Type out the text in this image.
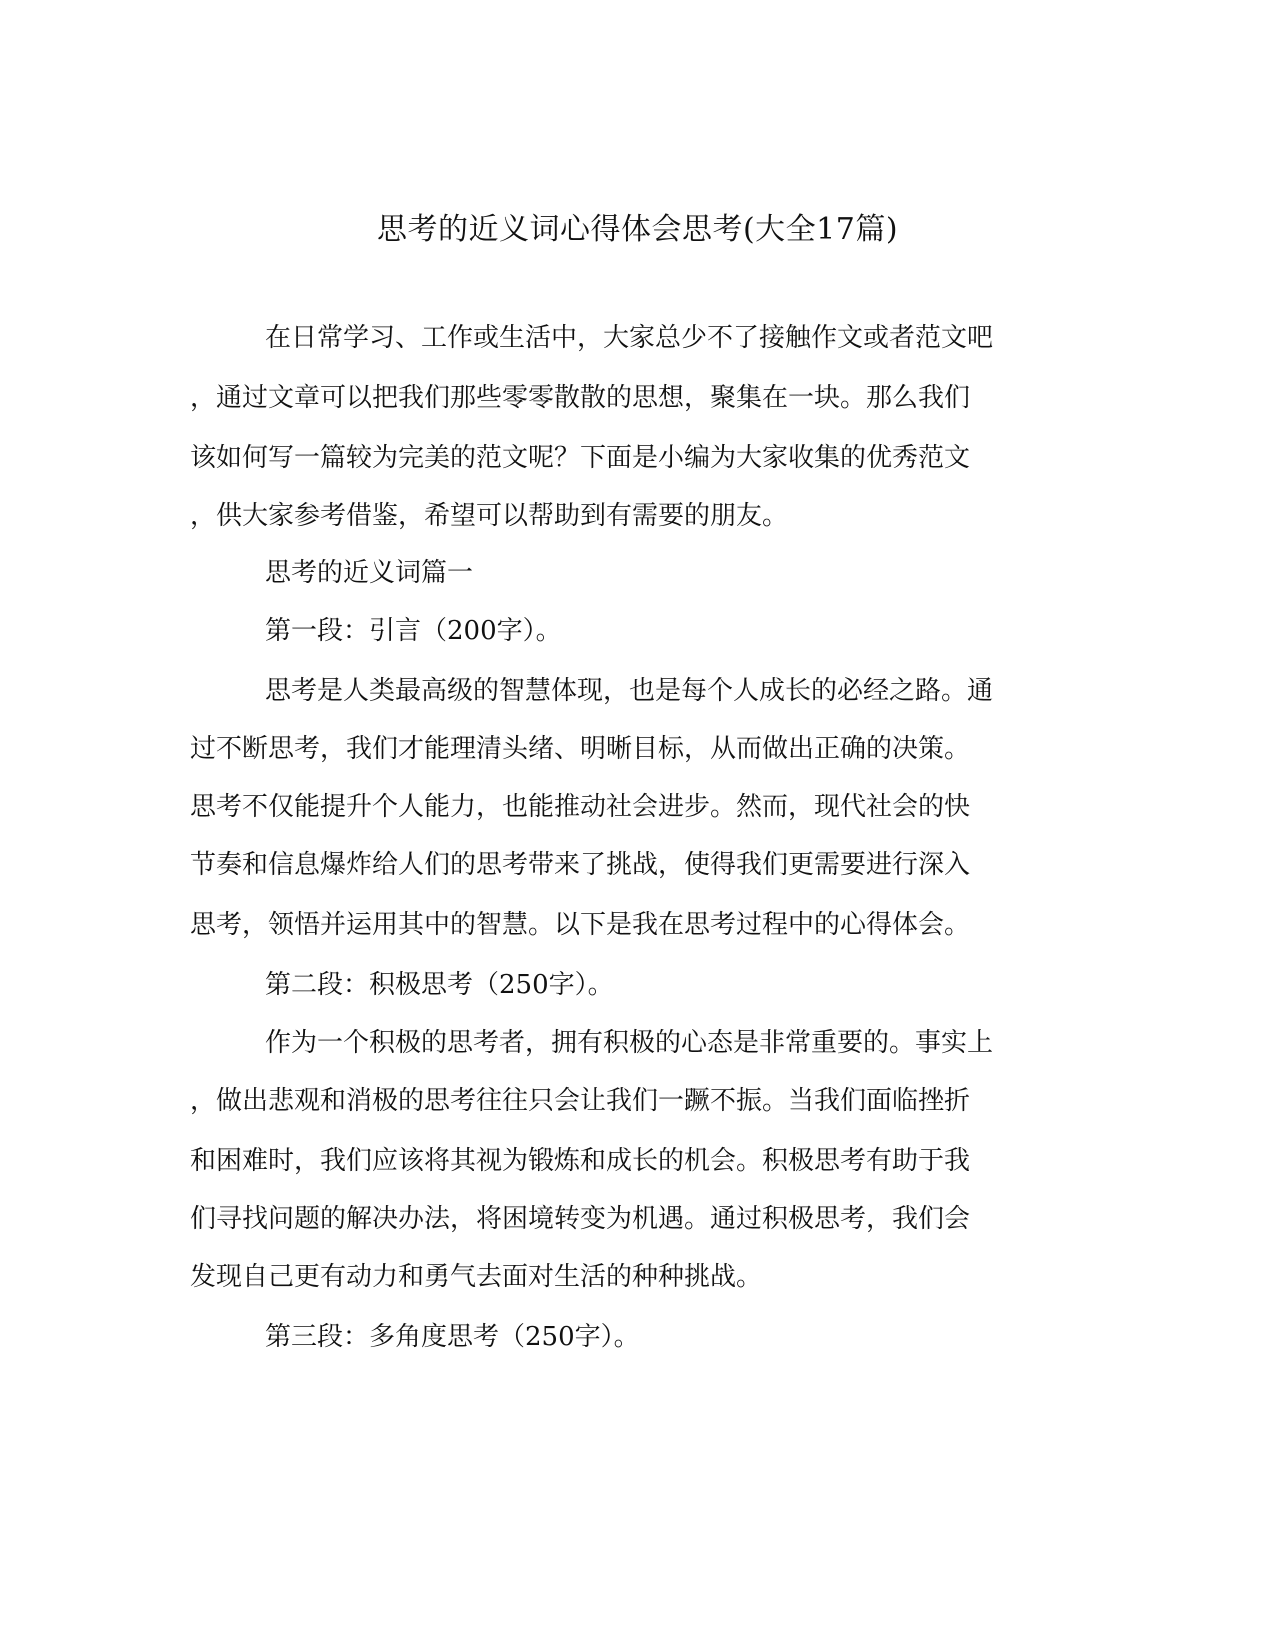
思考的近义词心得体会思考(大全17篇)

在日常学习、工作或生活中，大家总少不了接触作文或者范文吧

，通过文章可以把我们那些零零散散的思想，聚集在一块。那么我们

该如何写一篇较为完美的范文呢？下面是小编为大家收集的优秀范文

，供大家参考借鉴，希望可以帮助到有需要的朋友。

思考的近义词篇一

第一段：引言（200字）。

思考是人类最高级的智慧体现，也是每个人成长的必经之路。通

过不断思考，我们才能理清头绪、明晰目标，从而做出正确的决策。

思考不仅能提升个人能力，也能推动社会进步。然而，现代社会的快

节奏和信息爆炸给人们的思考带来了挑战，使得我们更需要进行深入

思考，领悟并运用其中的智慧。以下是我在思考过程中的心得体会。

第二段：积极思考（250字）。

作为一个积极的思考者，拥有积极的心态是非常重要的。事实上

，做出悲观和消极的思考往往只会让我们一蹶不振。当我们面临挫折

和困难时，我们应该将其视为锻炼和成长的机会。积极思考有助于我

们寻找问题的解决办法，将困境转变为机遇。通过积极思考，我们会

发现自己更有动力和勇气去面对生活的种种挑战。

第三段：多角度思考（250字）。
